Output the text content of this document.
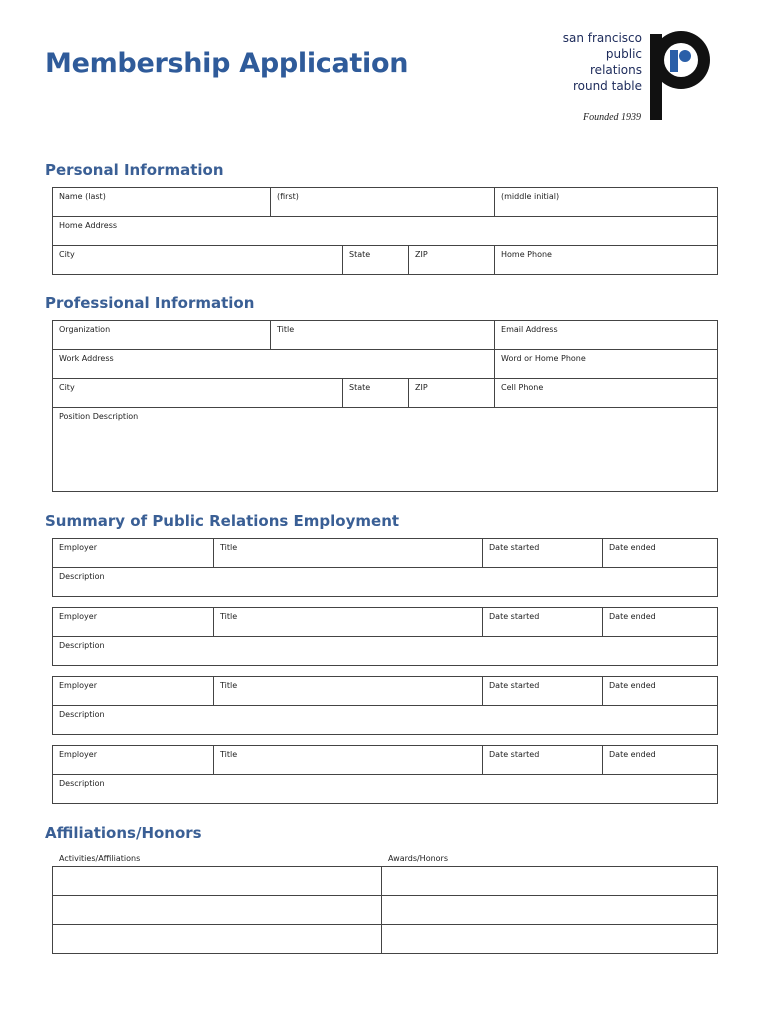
Membership Application
san francisco
public
relations
round table
Founded 1939
Personal Information
Name (last)	(first)			(middle initial)
Home Address				
City		State	ZIP	Home Phone
Professional Information
Organization	Title			Email Address
Work Address				Word or Home Phone
City		State	ZIP	Cell Phone
Position Description				
Summary of Public Relations Employment
Employer	Title	Date started	Date ended
Description
Employer	Title	Date started	Date ended
Description
Employer	Title	Date started	Date ended
Description
Employer	Title	Date started	Date ended
Description
Affiliations/Honors
Activities/Affiliations	Awards/Honors
